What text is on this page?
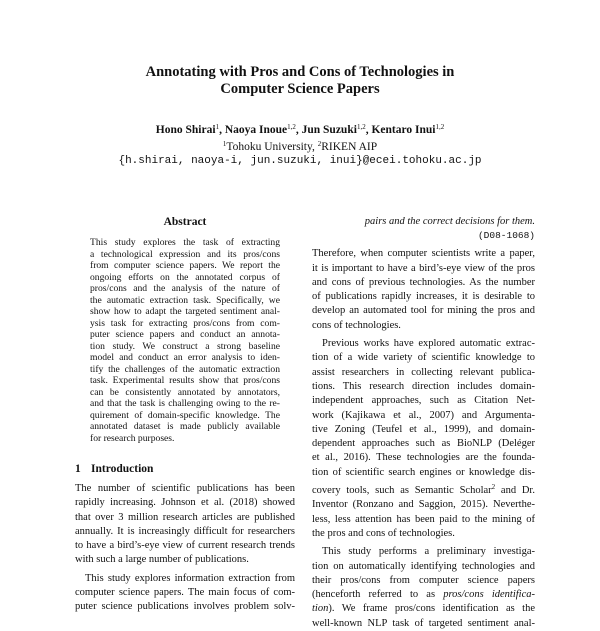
Annotating with Pros and Cons of Technologies in
Computer Science Papers
Hono Shirai$^1$, Naoya Inoue$^{1,2}$, Jun Suzuki$^{1,2}$, Kentaro Inui$^{1,2}$
$^1$Tohoku University, $^2$RIKEN AIP
{h.shirai, naoya-i, jun.suzuki, inui}@ecei.tohoku.ac.jp
Abstract
This study explores the task of extracting
a technological expression and its pros/cons
from computer science papers. We report the
ongoing efforts on the annotated corpus of
pros/cons and the analysis of the nature of
the automatic extraction task. Specifically, we
show how to adapt the targeted sentiment anal-
ysis task for extracting pros/cons from com-
puter science papers and conduct an annota-
tion study. We construct a strong baseline
model and conduct an error analysis to iden-
tify the challenges of the automatic extraction
task. Experimental results show that pros/cons
can be consistently annotated by annotators,
and that the task is challenging owing to the re-
quirement of domain-specific knowledge. The
annotated dataset is made publicly available
for research purposes.
1 Introduction
The number of scientific publications has been
rapidly increasing. Johnson et al. (2018) showed
that over 3 million research articles are published
annually. It is increasingly difficult for researchers
to have a bird’s-eye view of current research trends
with such a large number of publications.
This study explores information extraction from
computer science papers. The main focus of com-
puter science publications involves problem solv-
pairs and the correct decisions for them.
(D08-1068)
Therefore, when computer scientists write a paper,
it is important to have a bird’s-eye view of the pros
and cons of previous technologies. As the number
of publications rapidly increases, it is desirable to
develop an automated tool for mining the pros and
cons of technologies.
Previous works have explored automatic extrac-
tion of a wide variety of scientific knowledge to
assist researchers in collecting relevant publica-
tions. This research direction includes domain-
independent approaches, such as Citation Net-
work (Kajikawa et al., 2007) and Argumenta-
tive Zoning (Teufel et al., 1999), and domain-
dependent approaches such as BioNLP (Deléger
et al., 2016). These technologies are the founda-
tion of scientific search engines or knowledge dis-
covery tools, such as Semantic Scholar$^2$ and Dr.
Inventor (Ronzano and Saggion, 2015). Neverthe-
less, less attention has been paid to the mining of
the pros and cons of technologies.
This study performs a preliminary investiga-
tion on automatically identifying technologies and
their pros/cons from computer science papers
(henceforth referred to as pros/cons identifica-
tion). We frame pros/cons identification as the
well-known NLP task of targeted sentiment anal-
